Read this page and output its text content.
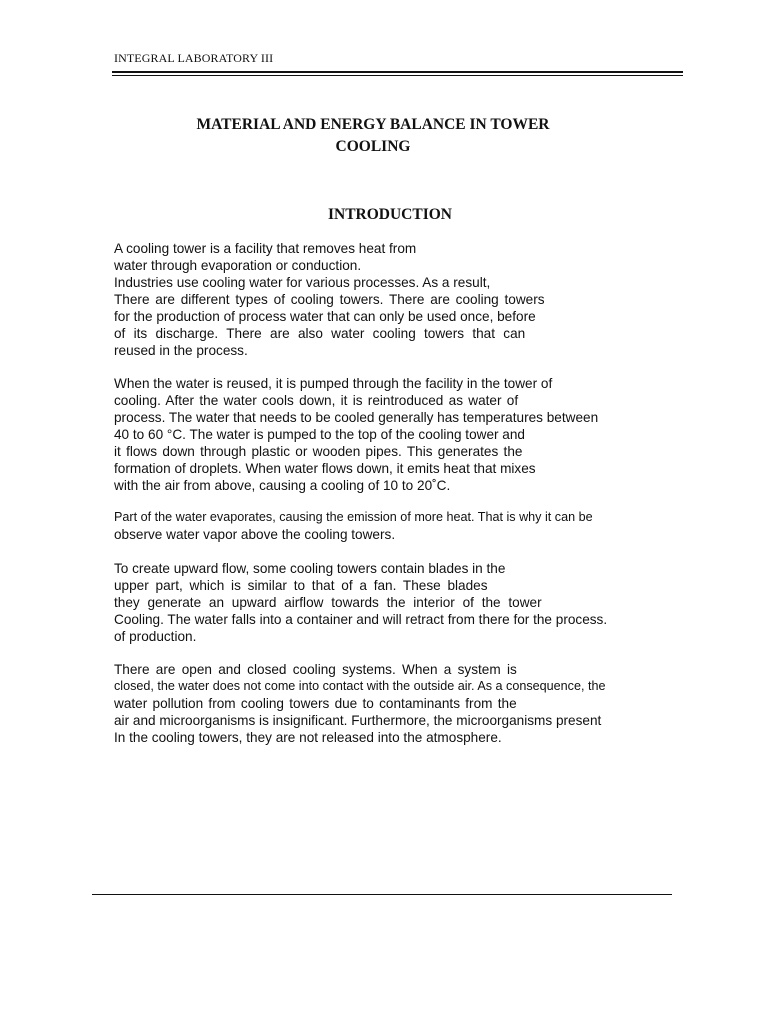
INTEGRAL LABORATORY III
MATERIAL AND ENERGY BALANCE IN TOWER
COOLING
INTRODUCTION
A cooling tower is a facility that removes heat from
water through evaporation or conduction.
Industries use cooling water for various processes. As a result,
There are different types of cooling towers. There are cooling towers
for the production of process water that can only be used once, before
of its discharge. There are also water cooling towers that can
reused in the process.
When the water is reused, it is pumped through the facility in the tower of
cooling. After the water cools down, it is reintroduced as water of
process. The water that needs to be cooled generally has temperatures between
40 to 60 °C. The water is pumped to the top of the cooling tower and
it flows down through plastic or wooden pipes. This generates the
formation of droplets. When water flows down, it emits heat that mixes
with the air from above, causing a cooling of 10 to 20˚C.
Part of the water evaporates, causing the emission of more heat. That is why it can be
observe water vapor above the cooling towers.
To create upward flow, some cooling towers contain blades in the
upper part, which is similar to that of a fan. These blades
they generate an upward airflow towards the interior of the tower
Cooling. The water falls into a container and will retract from there for the process.
of production.
There are open and closed cooling systems. When a system is
closed, the water does not come into contact with the outside air. As a consequence, the
water pollution from cooling towers due to contaminants from the
air and microorganisms is insignificant. Furthermore, the microorganisms present
In the cooling towers, they are not released into the atmosphere.
